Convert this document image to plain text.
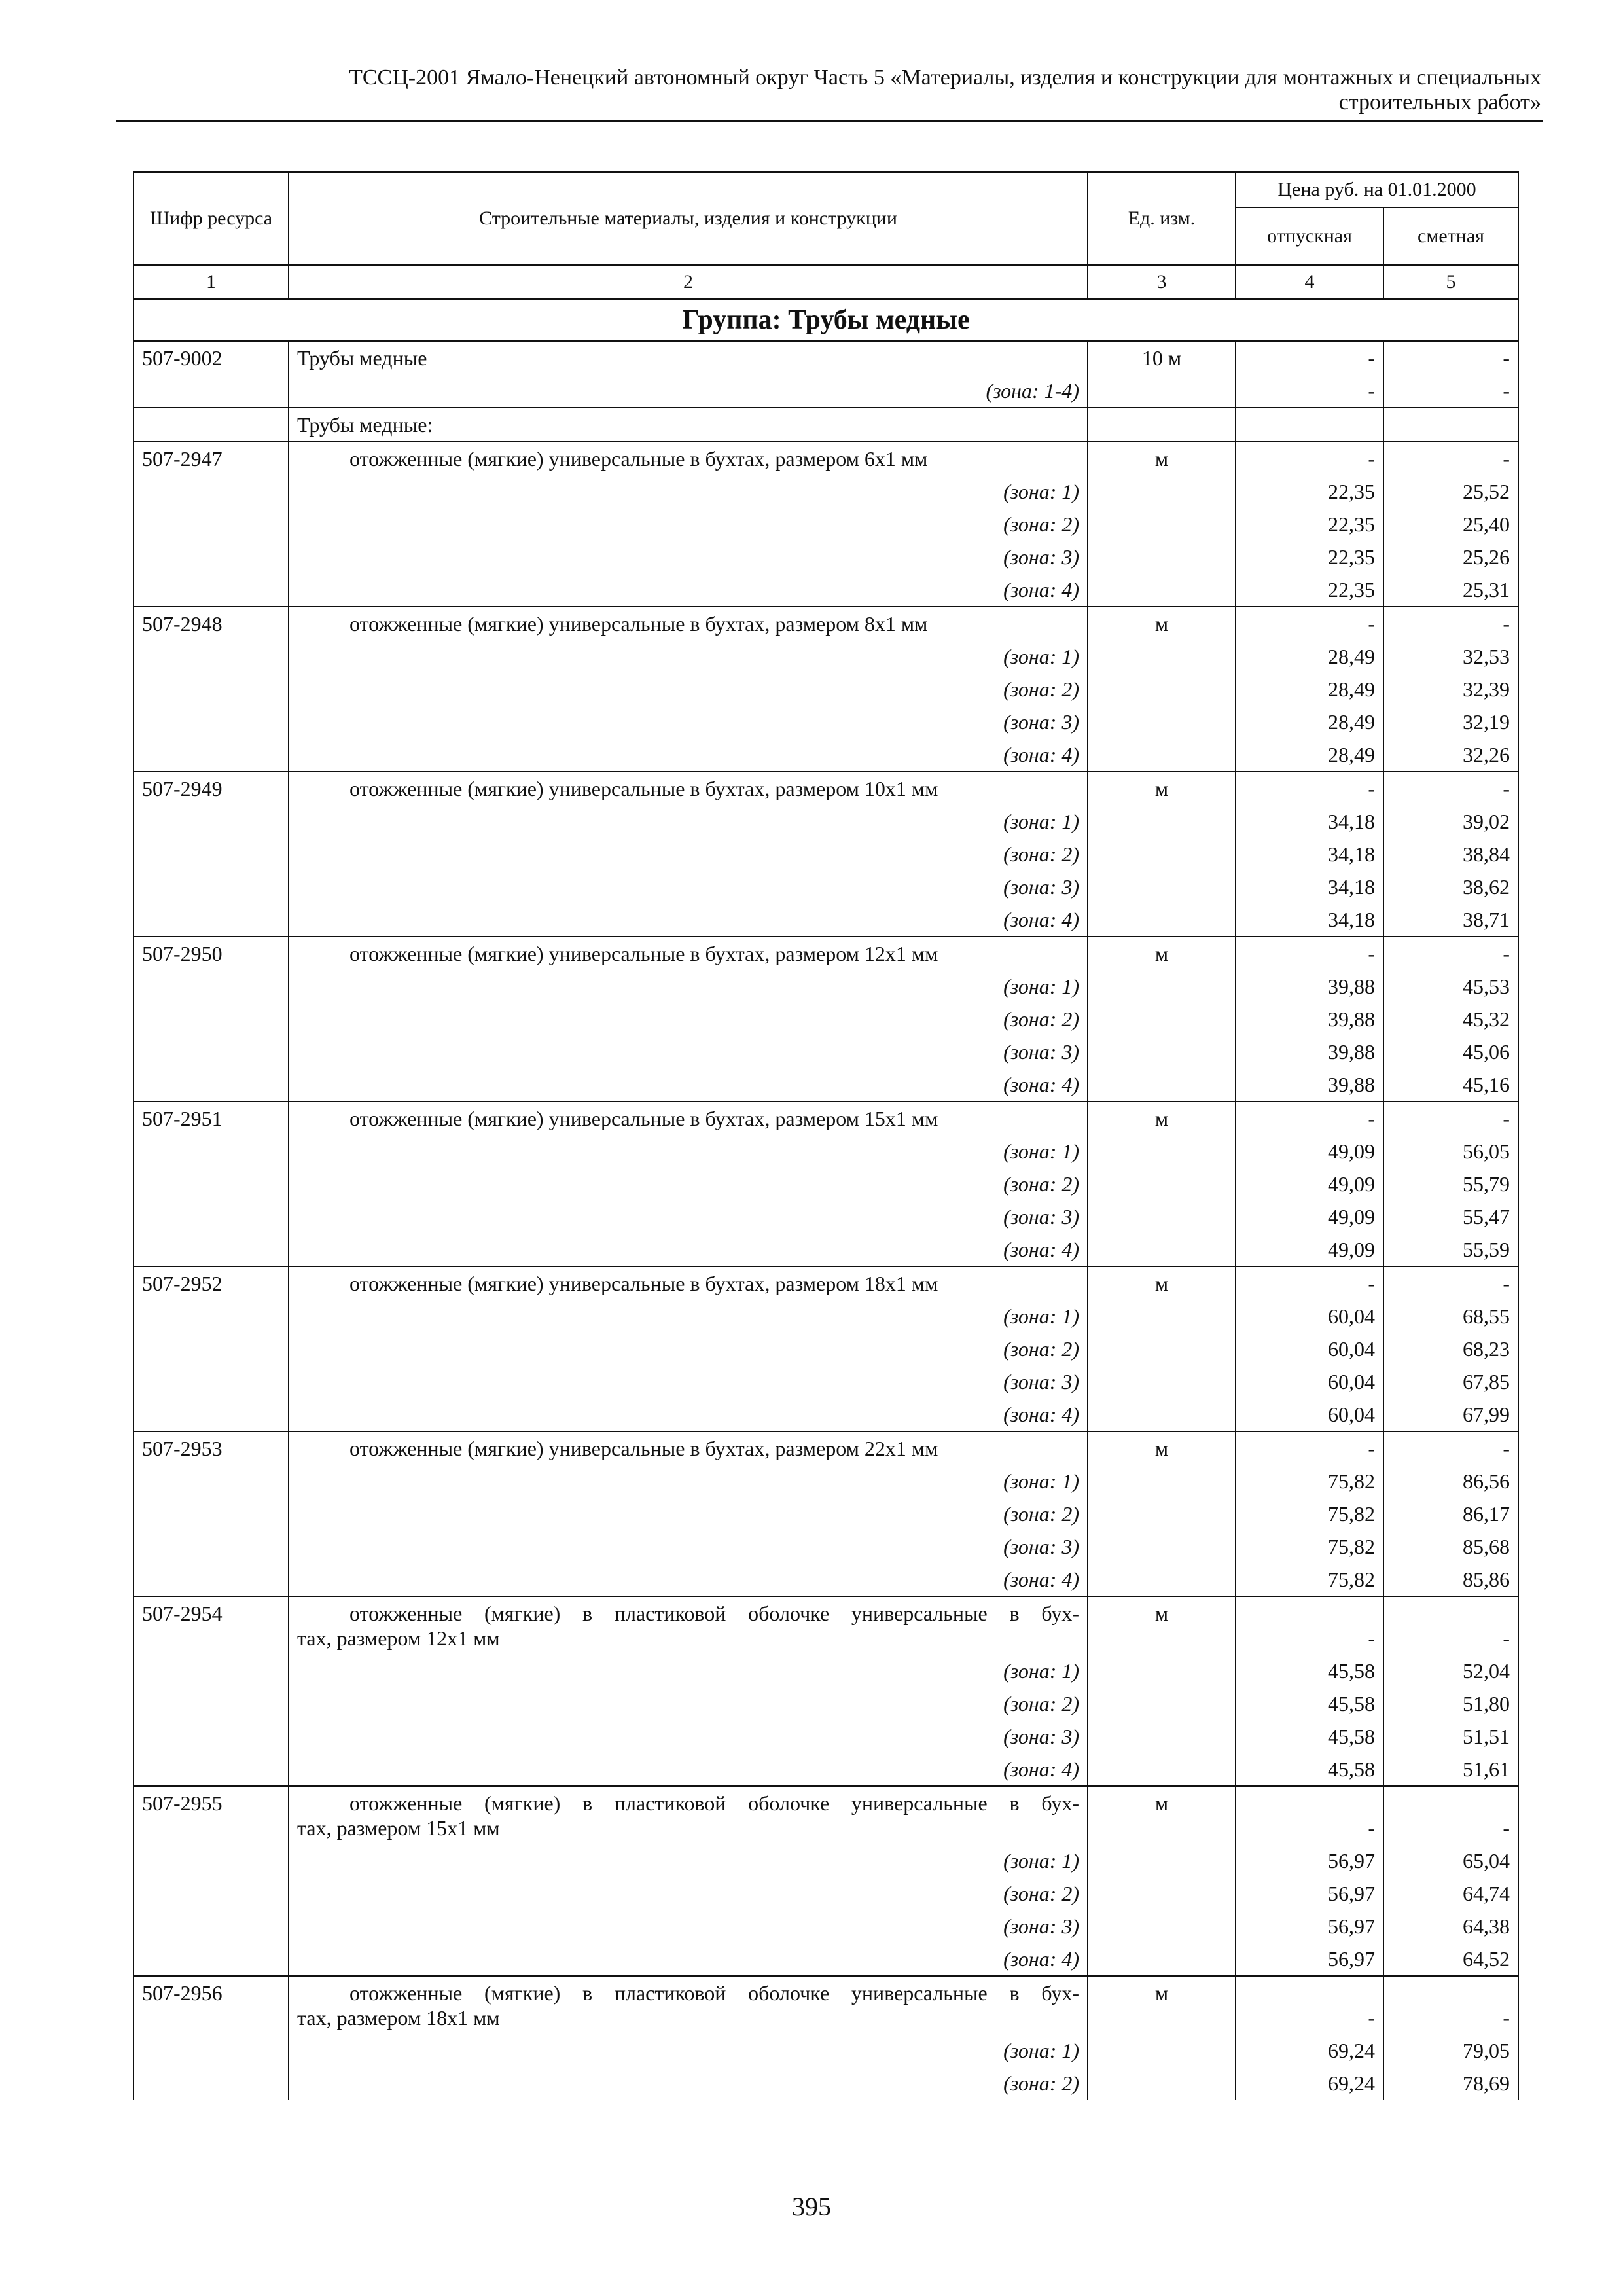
ТССЦ-2001 Ямало-Ненецкий автономный округ Часть 5 «Материалы, изделия и конструкции для монтажных и специальных
строительных работ»
Шифр ресурса	Строительные материалы, изделия и конструкции	Ед. изм.	Цена руб. на 01.01.2000	
			отпускная	сметная
1	2	3	4	5
Группа: Трубы медные				
507-9002	Трубы медные	10 м	-	-
	(зона: 1-4)		-	-
	Трубы медные:			
507-2947	отожженные (мягкие) универсальные в бухтах, размером 6х1 мм	м	-	-
	(зона: 1)		22,35	25,52
	(зона: 2)		22,35	25,40
	(зона: 3)		22,35	25,26
	(зона: 4)		22,35	25,31
507-2948	отожженные (мягкие) универсальные в бухтах, размером 8х1 мм	м	-	-
	(зона: 1)		28,49	32,53
	(зона: 2)		28,49	32,39
	(зона: 3)		28,49	32,19
	(зона: 4)		28,49	32,26
507-2949	отожженные (мягкие) универсальные в бухтах, размером 10х1 мм	м	-	-
	(зона: 1)		34,18	39,02
	(зона: 2)		34,18	38,84
	(зона: 3)		34,18	38,62
	(зона: 4)		34,18	38,71
507-2950	отожженные (мягкие) универсальные в бухтах, размером 12х1 мм	м	-	-
	(зона: 1)		39,88	45,53
	(зона: 2)		39,88	45,32
	(зона: 3)		39,88	45,06
	(зона: 4)		39,88	45,16
507-2951	отожженные (мягкие) универсальные в бухтах, размером 15х1 мм	м	-	-
	(зона: 1)		49,09	56,05
	(зона: 2)		49,09	55,79
	(зона: 3)		49,09	55,47
	(зона: 4)		49,09	55,59
507-2952	отожженные (мягкие) универсальные в бухтах, размером 18х1 мм	м	-	-
	(зона: 1)		60,04	68,55
	(зона: 2)		60,04	68,23
	(зона: 3)		60,04	67,85
	(зона: 4)		60,04	67,99
507-2953	отожженные (мягкие) универсальные в бухтах, размером 22х1 мм	м	-	-
	(зона: 1)		75,82	86,56
	(зона: 2)		75,82	86,17
	(зона: 3)		75,82	85,68
	(зона: 4)		75,82	85,86
507-2954	отожженные (мягкие) в пластиковой оболочке универсальные в бух-
тах, размером 12х1 мм	м	-	-
	(зона: 1)		45,58	52,04
	(зона: 2)		45,58	51,80
	(зона: 3)		45,58	51,51
	(зона: 4)		45,58	51,61
507-2955	отожженные (мягкие) в пластиковой оболочке универсальные в бух-
тах, размером 15х1 мм	м	-	-
	(зона: 1)		56,97	65,04
	(зона: 2)		56,97	64,74
	(зона: 3)		56,97	64,38
	(зона: 4)		56,97	64,52
507-2956	отожженные (мягкие) в пластиковой оболочке универсальные в бух-
тах, размером 18х1 мм	м	-	-
	(зона: 1)		69,24	79,05
	(зона: 2)		69,24	78,69
395
